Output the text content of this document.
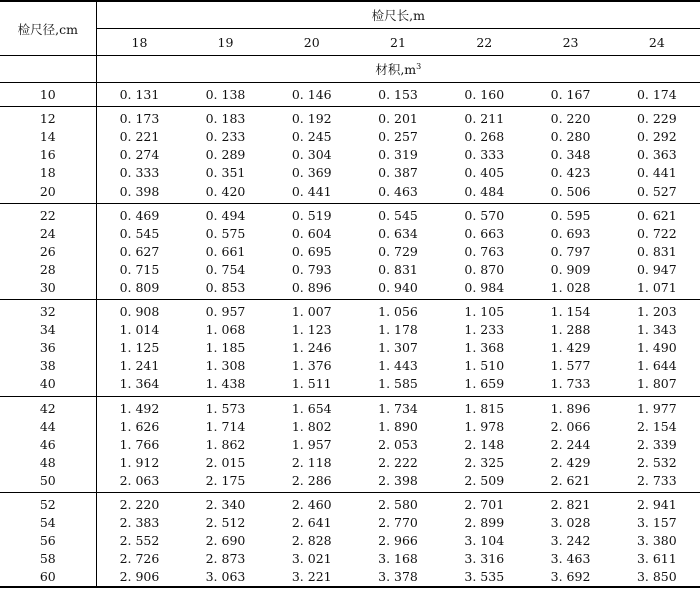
检尺径,cm	检尺长,m						
	18	19	20	21	22	23	24
	材积$,m^3$
10	0. 131	0. 138	0. 146	0. 153	0. 160	0. 167	0. 174
12	0. 173	0. 183	0. 192	0. 201	0. 211	0. 220	0. 229
14	0. 221	0. 233	0. 245	0. 257	0. 268	0. 280	0. 292
16	0. 274	0. 289	0. 304	0. 319	0. 333	0. 348	0. 363
18	0. 333	0. 351	0. 369	0. 387	0. 405	0. 423	0. 441
20	0. 398	0. 420	0. 441	0. 463	0. 484	0. 506	0. 527
22	0. 469	0. 494	0. 519	0. 545	0. 570	0. 595	0. 621
24	0. 545	0. 575	0. 604	0. 634	0. 663	0. 693	0. 722
26	0. 627	0. 661	0. 695	0. 729	0. 763	0. 797	0. 831
28	0. 715	0. 754	0. 793	0. 831	0. 870	0. 909	0. 947
30	0. 809	0. 853	0. 896	0. 940	0. 984	1. 028	1. 071
32	0. 908	0. 957	1. 007	1. 056	1. 105	1. 154	1. 203
34	1. 014	1. 068	1. 123	1. 178	1. 233	1. 288	1. 343
36	1. 125	1. 185	1. 246	1. 307	1. 368	1. 429	1. 490
38	1. 241	1. 308	1. 376	1. 443	1. 510	1. 577	1. 644
40	1. 364	1. 438	1. 511	1. 585	1. 659	1. 733	1. 807
42	1. 492	1. 573	1. 654	1. 734	1. 815	1. 896	1. 977
44	1. 626	1. 714	1. 802	1. 890	1. 978	2. 066	2. 154
46	1. 766	1. 862	1. 957	2. 053	2. 148	2. 244	2. 339
48	1. 912	2. 015	2. 118	2. 222	2. 325	2. 429	2. 532
50	2. 063	2. 175	2. 286	2. 398	2. 509	2. 621	2. 733
52	2. 220	2. 340	2. 460	2. 580	2. 701	2. 821	2. 941
54	2. 383	2. 512	2. 641	2. 770	2. 899	3. 028	3. 157
56	2. 552	2. 690	2. 828	2. 966	3. 104	3. 242	3. 380
58	2. 726	2. 873	3. 021	3. 168	3. 316	3. 463	3. 611
60	2. 906	3. 063	3. 221	3. 378	3. 535	3. 692	3. 850
